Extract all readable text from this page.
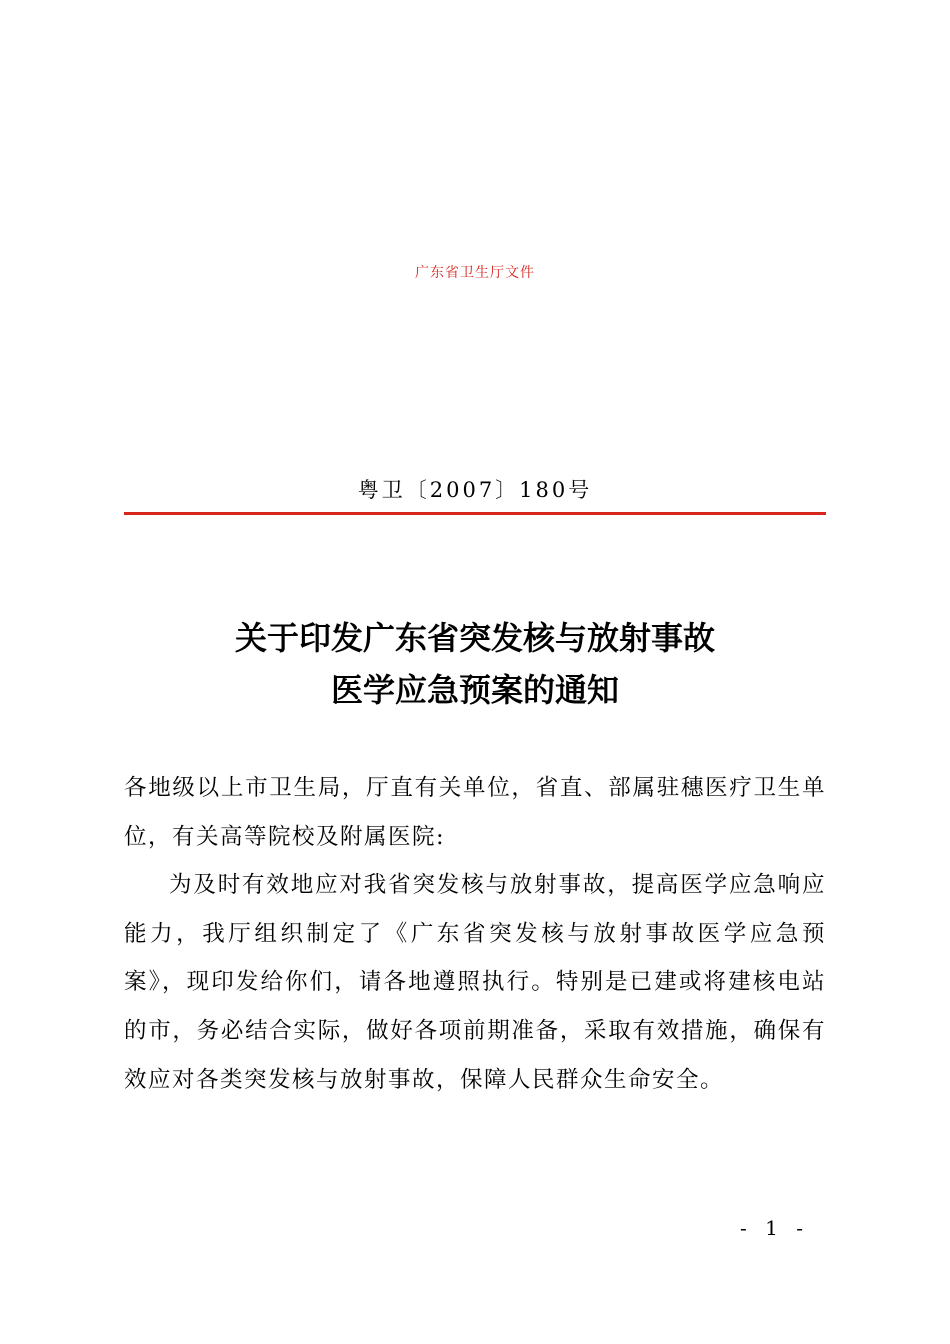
广东省卫生厅文件
粤卫〔2007〕180号
关于印发广东省突发核与放射事故
医学应急预案的通知

各地级以上市卫生局，厅直有关单位，省直、部属驻穗医疗卫生单位，有关高等院校及附属医院:

为及时有效地应对我省突发核与放射事故，提高医学应急响应能力，我厅组织制定了《广东省突发核与放射事故医学应急预案》，现印发给你们，请各地遵照执行。特别是已建或将建核电站的市，务必结合实际，做好各项前期准备，采取有效措施，确保有效应对各类突发核与放射事故，保障人民群众生命安全。

- 1 -
